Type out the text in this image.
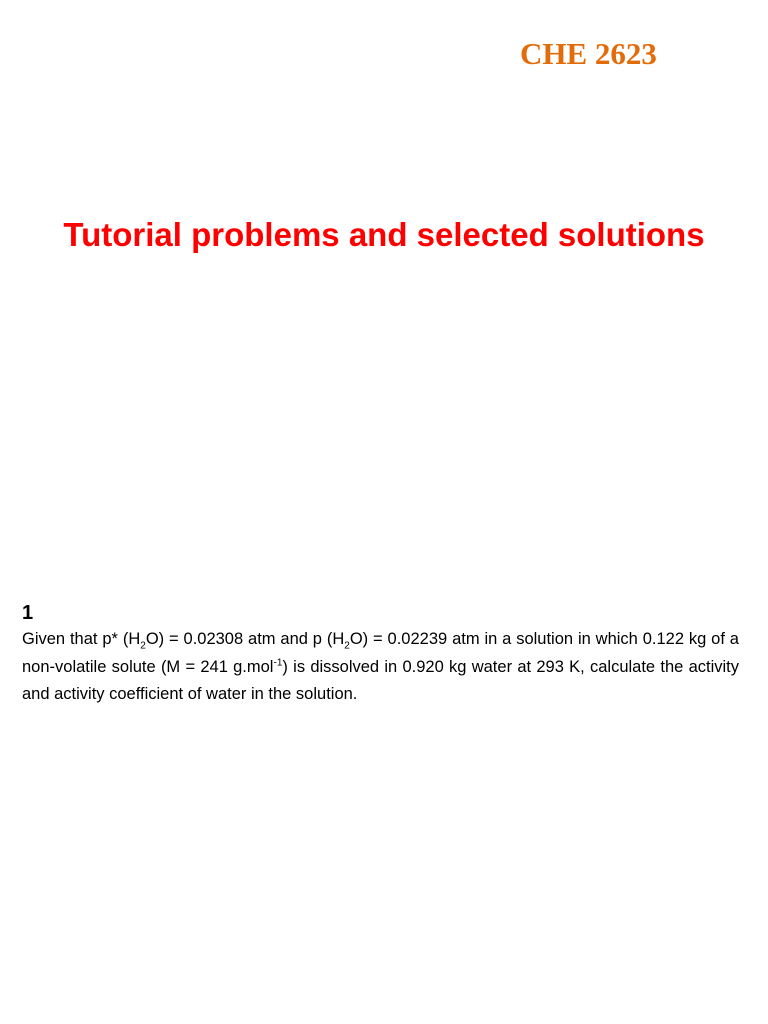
CHE 2623
Tutorial problems and selected solutions
1

Given that p* $(H_2O) = 0.02308$ atm and p $(H_2O) = 0.02239$ atm in a solution in which 0.122 kg of a non-volatile solute (M = 241 g.mol$^{-1}$) is dissolved in 0.920 kg water at 293 K, calculate the activity and activity coefficient of water in the solution.
